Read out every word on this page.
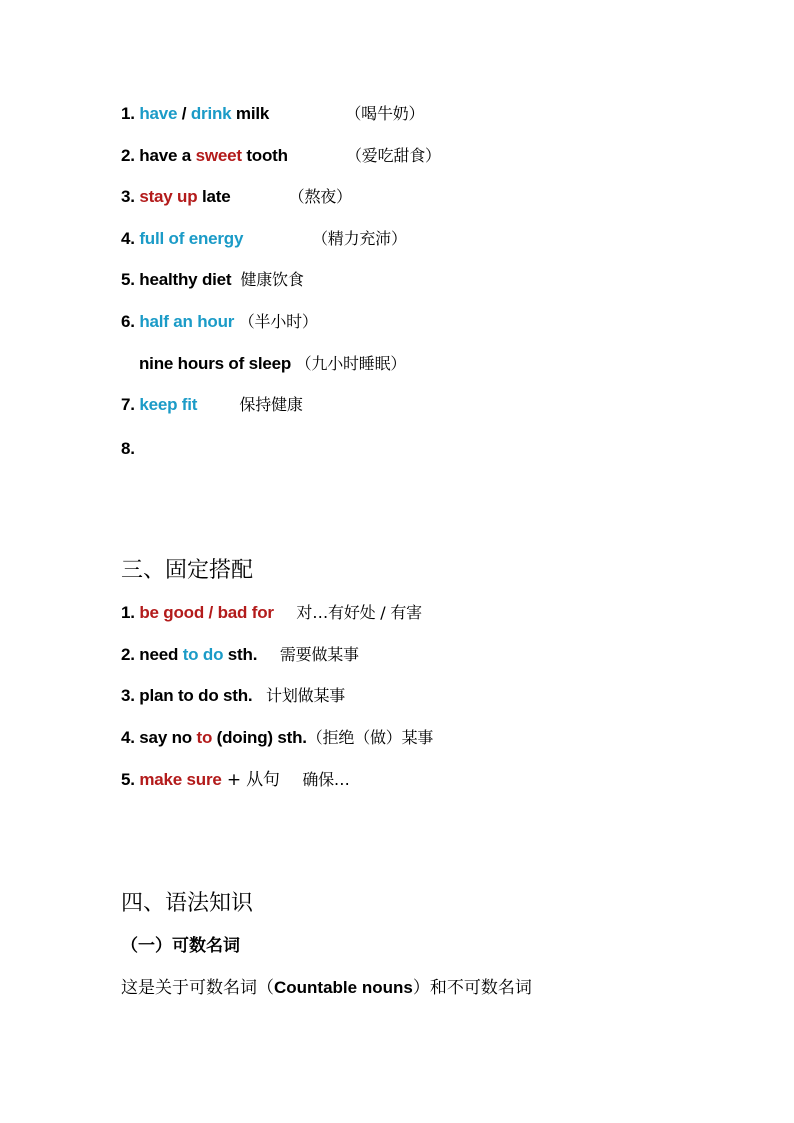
1. have / drink milk	（喝牛奶）
2. have a sweet tooth	（爱吃甜食）
3. stay up late	（熬夜）
4. full of energy	（精力充沛）
5. healthy diet 健康饮食
6. half an hour （半小时）
nine hours of sleep （九小时睡眠）
7. keep fit	保持健康
8.
三、固定搭配
1. be good / bad for 对…有好处 / 有害
2. need to do sth. 需要做某事
3. plan to do sth. 计划做某事
4. say no to (doing) sth.（拒绝（做）某事
5. make sure + 从句 确保…
四、语法知识
（一）可数名词
这是关于可数名词（Countable nouns）和不可数名词
